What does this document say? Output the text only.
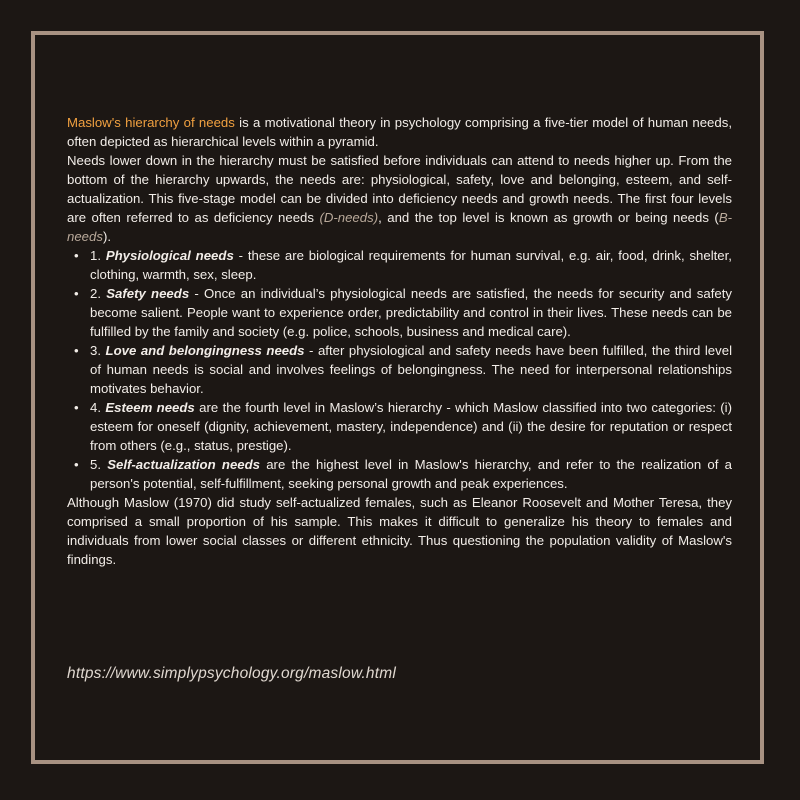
Maslow's hierarchy of needs is a motivational theory in psychology comprising a five-tier model of human needs, often depicted as hierarchical levels within a pyramid.

Needs lower down in the hierarchy must be satisfied before individuals can attend to needs higher up. From the bottom of the hierarchy upwards, the needs are: physiological, safety, love and belonging, esteem, and self-actualization. This five-stage model can be divided into deficiency needs and growth needs. The first four levels are often referred to as deficiency needs (D-needs), and the top level is known as growth or being needs (B-needs).

• 1. Physiological needs - these are biological requirements for human survival, e.g. air, food, drink, shelter, clothing, warmth, sex, sleep.
• 2. Safety needs - Once an individual’s physiological needs are satisfied, the needs for security and safety become salient. People want to experience order, predictability and control in their lives. These needs can be fulfilled by the family and society (e.g. police, schools, business and medical care).
• 3. Love and belongingness needs - after physiological and safety needs have been fulfilled, the third level of human needs is social and involves feelings of belongingness. The need for interpersonal relationships motivates behavior.
• 4. Esteem needs are the fourth level in Maslow’s hierarchy - which Maslow classified into two categories: (i) esteem for oneself (dignity, achievement, mastery, independence) and (ii) the desire for reputation or respect from others (e.g., status, prestige).
• 5. Self-actualization needs are the highest level in Maslow's hierarchy, and refer to the realization of a person's potential, self-fulfillment, seeking personal growth and peak experiences.

Although Maslow (1970) did study self-actualized females, such as Eleanor Roosevelt and Mother Teresa, they comprised a small proportion of his sample. This makes it difficult to generalize his theory to females and individuals from lower social classes or different ethnicity. Thus questioning the population validity of Maslow's findings.

https://www.simplypsychology.org/maslow.html
